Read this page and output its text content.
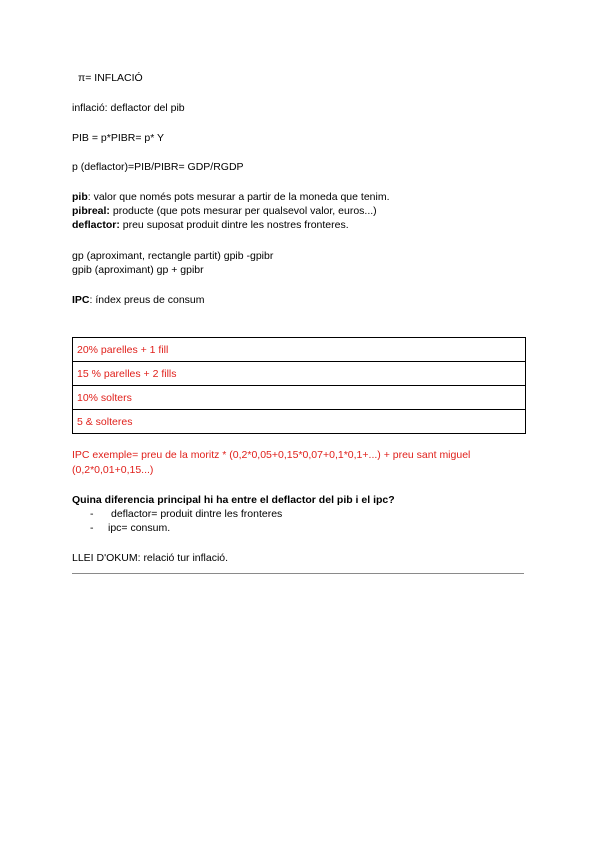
π= INFLACIÓ
inflació: deflactor del pib
PIB = p*PIBR= p* Y
p (deflactor)=PIB/PIBR= GDP/RGDP
pib: valor que només pots mesurar a partir de la moneda que tenim.
pibreal: producte (que pots mesurar per qualsevol valor, euros...)
deflactor: preu suposat produit dintre les nostres fronteres.
gp (aproximant, rectangle partit) gpib -gpibr
gpib (aproximant) gp + gpibr
IPC: índex preus de consum
20% parelles + 1 fill
15 % parelles + 2 fills
10% solters
5 & solteres
IPC exemple= preu de la moritz * (0,2*0,05+0,15*0,07+0,1*0,1+...) + preu sant miguel
(0,2*0,01+0,15...)
Quina diferencia principal hi ha entre el deflactor del pib i el ipc?
- deflactor= produit dintre les fronteres
- ipc= consum.
LLEI D'OKUM: relació tur inflació.
